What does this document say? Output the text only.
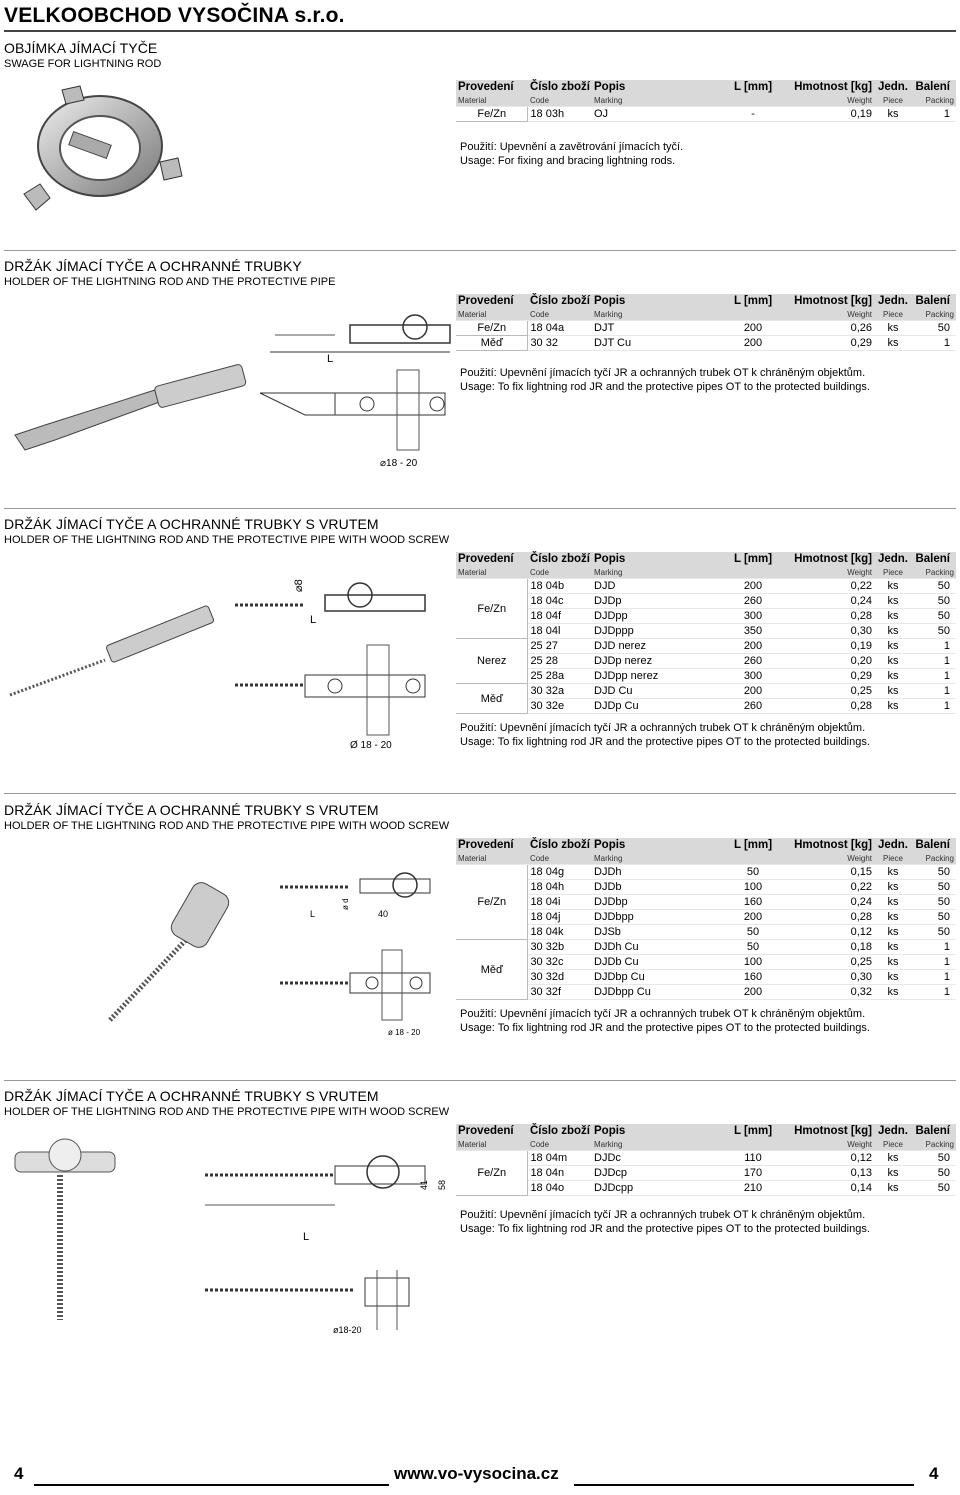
VELKOOBCHOD VYSOČINA s.r.o.

OBJÍMKA JÍMACÍ TYČE

SWAGE FOR LIGHTNING ROD

Provedení	Číslo zboží	Popis	L [mm]	Hmotnost [kg]	Jedn.	Balení
Material	Code	Marking		Weight	Piece	Packing
Fe/Zn	18 03h	OJ	-	0,19	ks	1
Použití: Upevnění a zavětrování jímacích tyčí.
Usage: For fixing and bracing lightning rods.

DRŽÁK JÍMACÍ TYČE A OCHRANNÉ TRUBKY

HOLDER OF THE LIGHTNING ROD AND THE PROTECTIVE PIPE

L
⌀18 - 20
Provedení	Číslo zboží	Popis	L [mm]	Hmotnost [kg]	Jedn.	Balení
Material	Code	Marking		Weight	Piece	Packing
Fe/Zn	18 04a	DJT	200	0,26	ks	50
Měď	30 32	DJT Cu	200	0,29	ks	1
Použití: Upevnění jímacích tyčí JR a ochranných trubek OT k chráněným objektům.
Usage: To fix lightning rod JR and the protective pipes OT to the protected buildings.

DRŽÁK JÍMACÍ TYČE A OCHRANNÉ TRUBKY S VRUTEM

HOLDER OF THE LIGHTNING ROD AND THE PROTECTIVE PIPE WITH WOOD SCREW

⌀8
L
Ø 18 - 20
Provedení	Číslo zboží	Popis	L [mm]	Hmotnost [kg]	Jedn.	Balení
Material	Code	Marking		Weight	Piece	Packing
Fe/Zn	18 04b	DJD	200	0,22	ks	50
	18 04c	DJDp	260	0,24	ks	50
	18 04f	DJDpp	300	0,28	ks	50
	18 04l	DJDppp	350	0,30	ks	50
Nerez	25 27	DJD nerez	200	0,19	ks	1
	25 28	DJDp nerez	260	0,20	ks	1
	25 28a	DJDpp nerez	300	0,29	ks	1
Měď	30 32a	DJD Cu	200	0,25	ks	1
	30 32e	DJDp Cu	260	0,28	ks	1
Použití: Upevnění jímacích tyčí JR a ochranných trubek OT k chráněným objektům.
Usage: To fix lightning rod JR and the protective pipes OT to the protected buildings.

DRŽÁK JÍMACÍ TYČE A OCHRANNÉ TRUBKY S VRUTEM

HOLDER OF THE LIGHTNING ROD AND THE PROTECTIVE PIPE WITH WOOD SCREW

L	40
ø d
ø 18 - 20
Provedení	Číslo zboží	Popis	L [mm]	Hmotnost [kg]	Jedn.	Balení
Material	Code	Marking		Weight	Piece	Packing
Fe/Zn	18 04g	DJDh	50	0,15	ks	50
	18 04h	DJDb	100	0,22	ks	50
	18 04i	DJDbp	160	0,24	ks	50
	18 04j	DJDbpp	200	0,28	ks	50
	18 04k	DJSb	50	0,12	ks	50
Měď	30 32b	DJDh Cu	50	0,18	ks	1
	30 32c	DJDb Cu	100	0,25	ks	1
	30 32d	DJDbp Cu	160	0,30	ks	1
	30 32f	DJDbpp Cu	200	0,32	ks	1
Použití: Upevnění jímacích tyčí JR a ochranných trubek OT k chráněným objektům.
Usage: To fix lightning rod JR and the protective pipes OT to the protected buildings.

DRŽÁK JÍMACÍ TYČE A OCHRANNÉ TRUBKY S VRUTEM

HOLDER OF THE LIGHTNING ROD AND THE PROTECTIVE PIPE WITH WOOD SCREW

L
41 58
ø18-20
Provedení	Číslo zboží	Popis	L [mm]	Hmotnost [kg]	Jedn.	Balení
Material	Code	Marking		Weight	Piece	Packing
Fe/Zn	18 04m	DJDc	110	0,12	ks	50
	18 04n	DJDcp	170	0,13	ks	50
	18 04o	DJDcpp	210	0,14	ks	50
Použití: Upevnění jímacích tyčí JR a ochranných trubek OT k chráněným objektům.
Usage: To fix lightning rod JR and the protective pipes OT to the protected buildings.
4	www.vo-vysocina.cz	4
